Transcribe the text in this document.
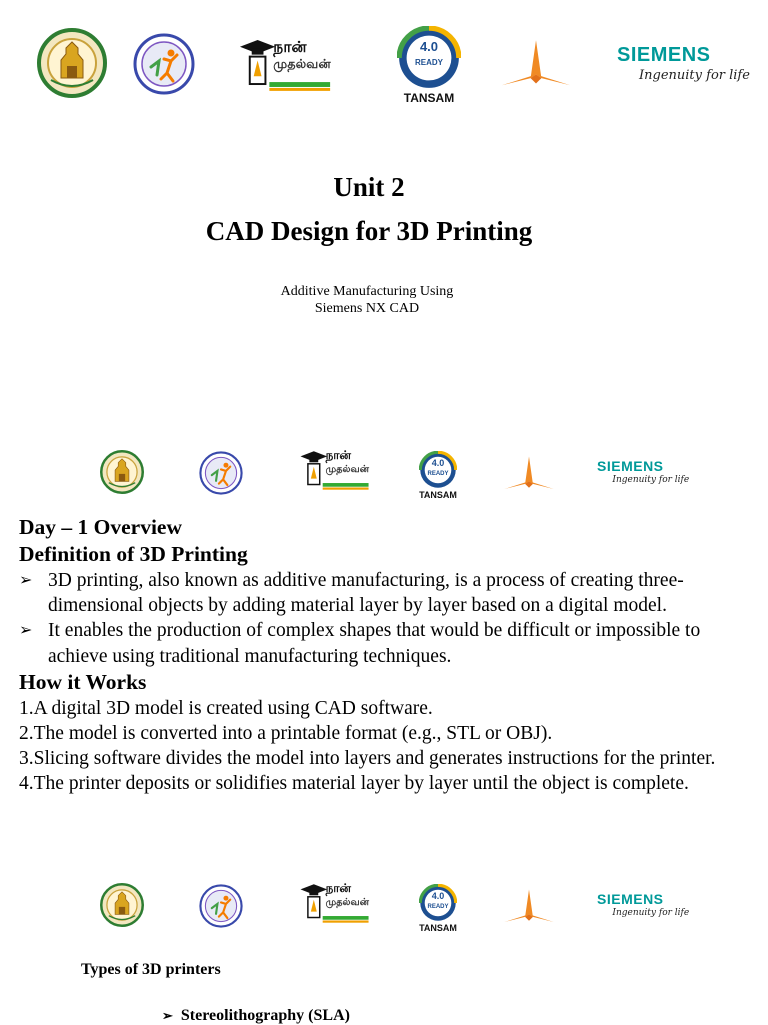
நான்
முதல்வன்
4.0
READY
TANSAM
SIEMENS
Ingenuity for life
நான்
முதல்வன்
4.0
READY
TANSAM
SIEMENS
Ingenuity for life
நான்
முதல்வன்
4.0
READY
TANSAM
SIEMENS
Ingenuity for life
Unit 2
CAD Design for 3D Printing
Additive Manufacturing Using
Siemens NX CAD
Day – 1 Overview
Definition of 3D Printing
➢ 3D printing, also known as additive manufacturing, is a process of creating three-dimensional objects by adding material layer by layer based on a digital model.
➢ It enables the production of complex shapes that would be difficult or impossible to achieve using traditional manufacturing techniques.
How it Works
1.A digital 3D model is created using CAD software.
2.The model is converted into a printable format (e.g., STL or OBJ).
3.Slicing software divides the model into layers and generates instructions for the printer.
4.The printer deposits or solidifies material layer by layer until the object is complete.
Types of 3D printers
➢ Stereolithography (SLA)
